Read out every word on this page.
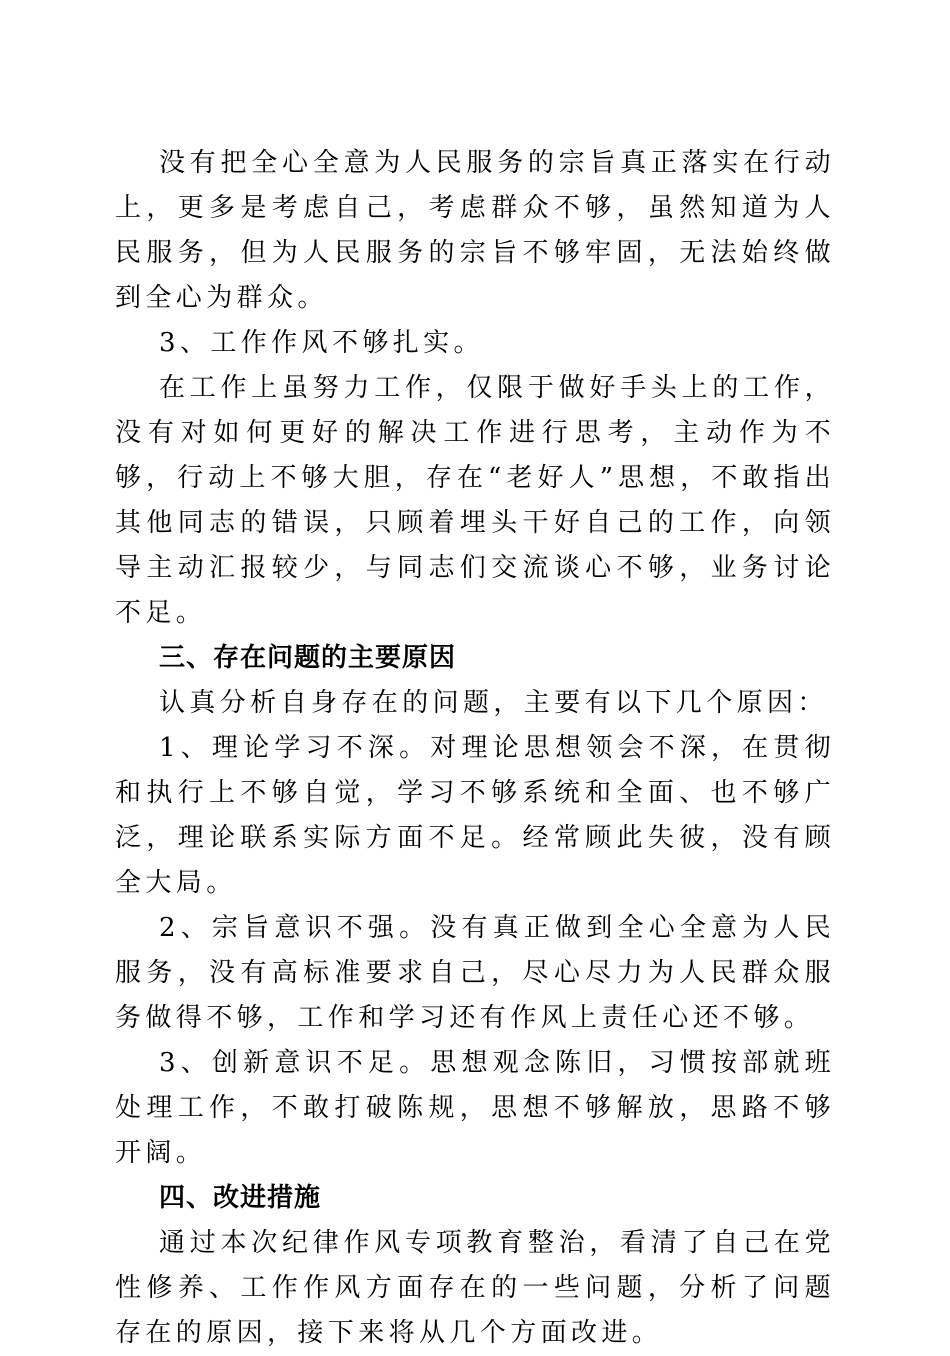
没有把全心全意为人民服务的宗旨真正落实在行动上，更多是考虑自己，考虑群众不够，虽然知道为人民服务，但为人民服务的宗旨不够牢固，无法始终做到全心为群众。

3、工作作风不够扎实。

在工作上虽努力工作，仅限于做好手头上的工作，没有对如何更好的解决工作进行思考，主动作为不够，行动上不够大胆，存在“老好人”思想，不敢指出其他同志的错误，只顾着埋头干好自己的工作，向领导主动汇报较少，与同志们交流谈心不够，业务讨论不足。

三、存在问题的主要原因

认真分析自身存在的问题，主要有以下几个原因：

1、理论学习不深。对理论思想领会不深，在贯彻和执行上不够自觉，学习不够系统和全面、也不够广泛，理论联系实际方面不足。经常顾此失彼，没有顾全大局。

2、宗旨意识不强。没有真正做到全心全意为人民服务，没有高标准要求自己，尽心尽力为人民群众服务做得不够，工作和学习还有作风上责任心还不够。

3、创新意识不足。思想观念陈旧，习惯按部就班处理工作，不敢打破陈规，思想不够解放，思路不够开阔。

四、改进措施

通过本次纪律作风专项教育整治，看清了自己在党性修养、工作作风方面存在的一些问题，分析了问题存在的原因，接下来将从几个方面改进。
